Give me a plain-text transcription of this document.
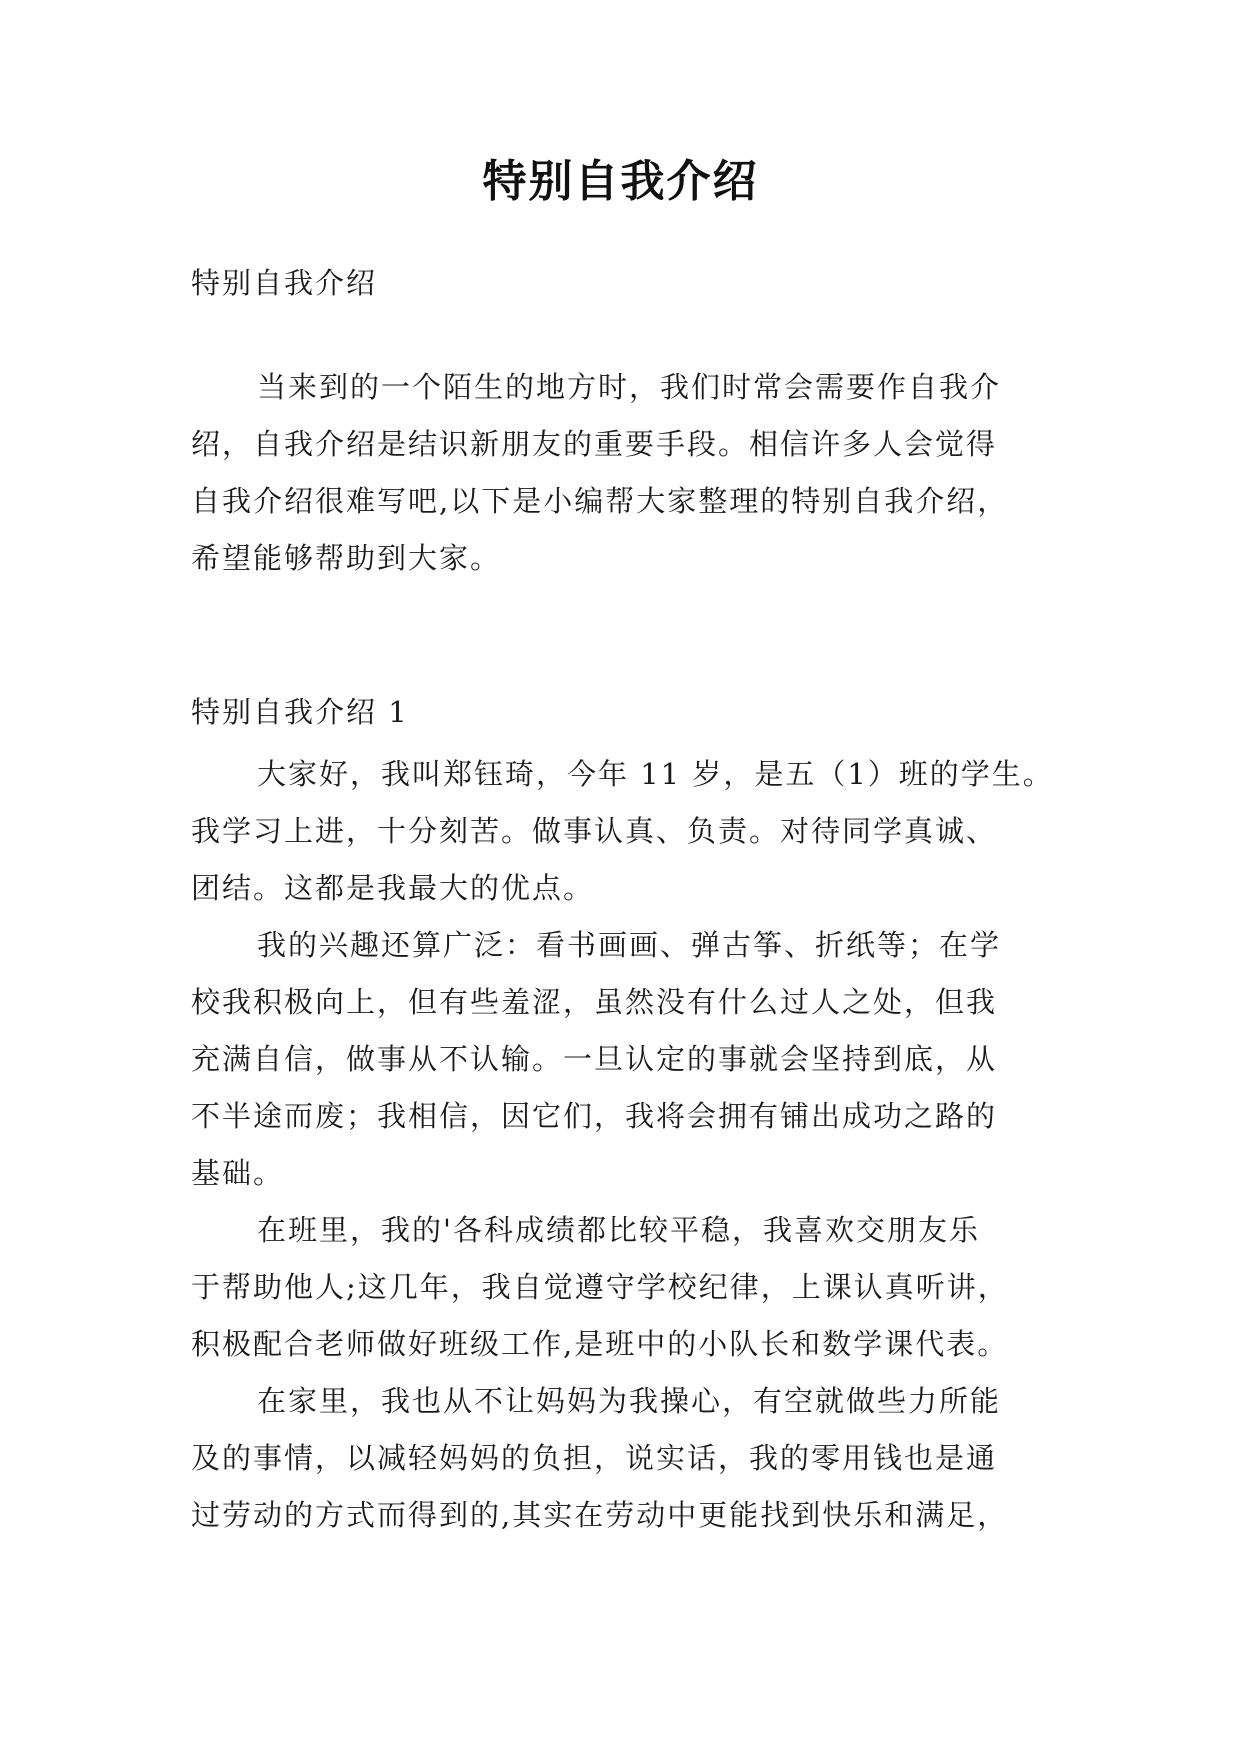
特别自我介绍

特别自我介绍

当来到的一个陌生的地方时，我们时常会需要作自我介
绍，自我介绍是结识新朋友的重要手段。相信许多人会觉得
自我介绍很难写吧,以下是小编帮大家整理的特别自我介绍，
希望能够帮助到大家。

特别自我介绍 1

大家好，我叫郑钰琦，今年 11 岁，是五（1）班的学生。
我学习上进，十分刻苦。做事认真、负责。对待同学真诚、
团结。这都是我最大的优点。
我的兴趣还算广泛：看书画画、弹古筝、折纸等；在学
校我积极向上，但有些羞涩，虽然没有什么过人之处，但我
充满自信，做事从不认输。一旦认定的事就会坚持到底，从
不半途而废；我相信，因它们，我将会拥有铺出成功之路的
基础。
在班里，我的'各科成绩都比较平稳，我喜欢交朋友乐
于帮助他人;这几年，我自觉遵守学校纪律，上课认真听讲，
积极配合老师做好班级工作,是班中的小队长和数学课代表。
在家里，我也从不让妈妈为我操心，有空就做些力所能
及的事情，以减轻妈妈的负担，说实话，我的零用钱也是通
过劳动的方式而得到的,其实在劳动中更能找到快乐和满足，
